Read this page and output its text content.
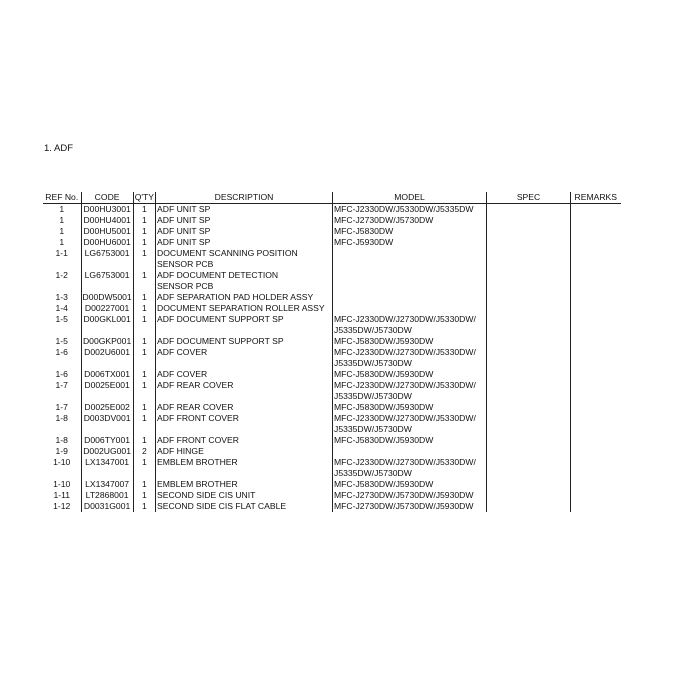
1. ADF
REF No.	CODE	Q'TY	DESCRIPTION	MODEL	SPEC	REMARKS
1	D00HU3001	1	ADF UNIT SP	MFC-J2330DW/J5330DW/J5335DW		

1	D00HU4001	1	ADF UNIT SP	MFC-J2730DW/J5730DW		

1	D00HU5001	1	ADF UNIT SP	MFC-J5830DW		

1	D00HU6001	1	ADF UNIT SP	MFC-J5930DW		

1-1	LG6753001	1	DOCUMENT SCANNING POSITION
SENSOR PCB			

1-2	LG6753001	1	ADF DOCUMENT DETECTION
SENSOR PCB			

1-3	D00DW5001	1	ADF SEPARATION PAD HOLDER ASSY			

1-4	D00227001	1	DOCUMENT SEPARATION ROLLER ASSY			

1-5	D00GKL001	1	ADF DOCUMENT SUPPORT SP	MFC-J2330DW/J2730DW/J5330DW/
J5335DW/J5730DW		

1-5	D00GKP001	1	ADF DOCUMENT SUPPORT SP	MFC-J5830DW/J5930DW		

1-6	D002U6001	1	ADF COVER	MFC-J2330DW/J2730DW/J5330DW/
J5335DW/J5730DW		

1-6	D006TX001	1	ADF COVER	MFC-J5830DW/J5930DW		

1-7	D0025E001	1	ADF REAR COVER	MFC-J2330DW/J2730DW/J5330DW/
J5335DW/J5730DW		

1-7	D0025E002	1	ADF REAR COVER	MFC-J5830DW/J5930DW		

1-8	D003DV001	1	ADF FRONT COVER	MFC-J2330DW/J2730DW/J5330DW/
J5335DW/J5730DW		

1-8	D006TY001	1	ADF FRONT COVER	MFC-J5830DW/J5930DW		

1-9	D002UG001	2	ADF HINGE			

1-10	LX1347001	1	EMBLEM BROTHER	MFC-J2330DW/J2730DW/J5330DW/
J5335DW/J5730DW		

1-10	LX1347007	1	EMBLEM BROTHER	MFC-J5830DW/J5930DW		

1-11	LT2868001	1	SECOND SIDE CIS UNIT	MFC-J2730DW/J5730DW/J5930DW		

1-12	D0031G001	1	SECOND SIDE CIS FLAT CABLE	MFC-J2730DW/J5730DW/J5930DW		
